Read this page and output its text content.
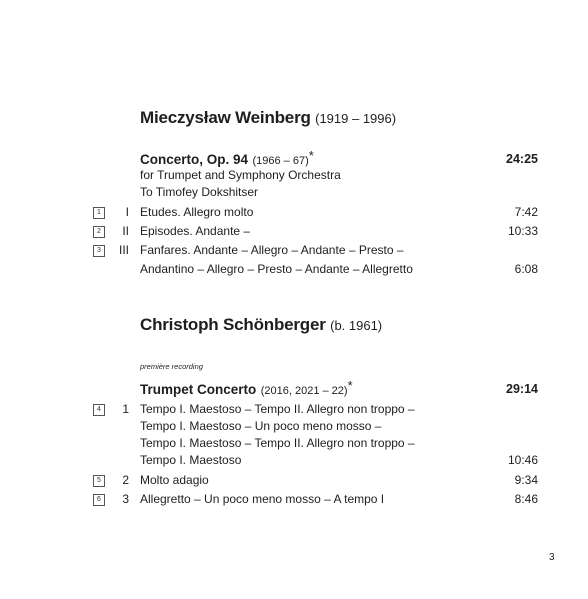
Mieczysław Weinberg (1919 – 1996)
Concerto, Op. 94 (1966 – 67)*	24:25
for Trumpet and Symphony Orchestra
To Timofey Dokshitser
1	I Etudes. Allegro molto	7:42
2	II Episodes. Andante –	10:33
3	III Fanfares. Andante – Allegro – Andante – Presto –
Andantino – Allegro – Presto – Andante – Allegretto	6:08
Christoph Schönberger (b. 1961)
première recording
Trumpet Concerto (2016, 2021 – 22)*	29:14
4	1 Tempo I. Maestoso – Tempo II. Allegro non troppo –
Tempo I. Maestoso – Un poco meno mosso –
Tempo I. Maestoso – Tempo II. Allegro non troppo –
Tempo I. Maestoso	10:46
5	2 Molto adagio	9:34
6	3 Allegretto – Un poco meno mosso – A tempo I	8:46
3
